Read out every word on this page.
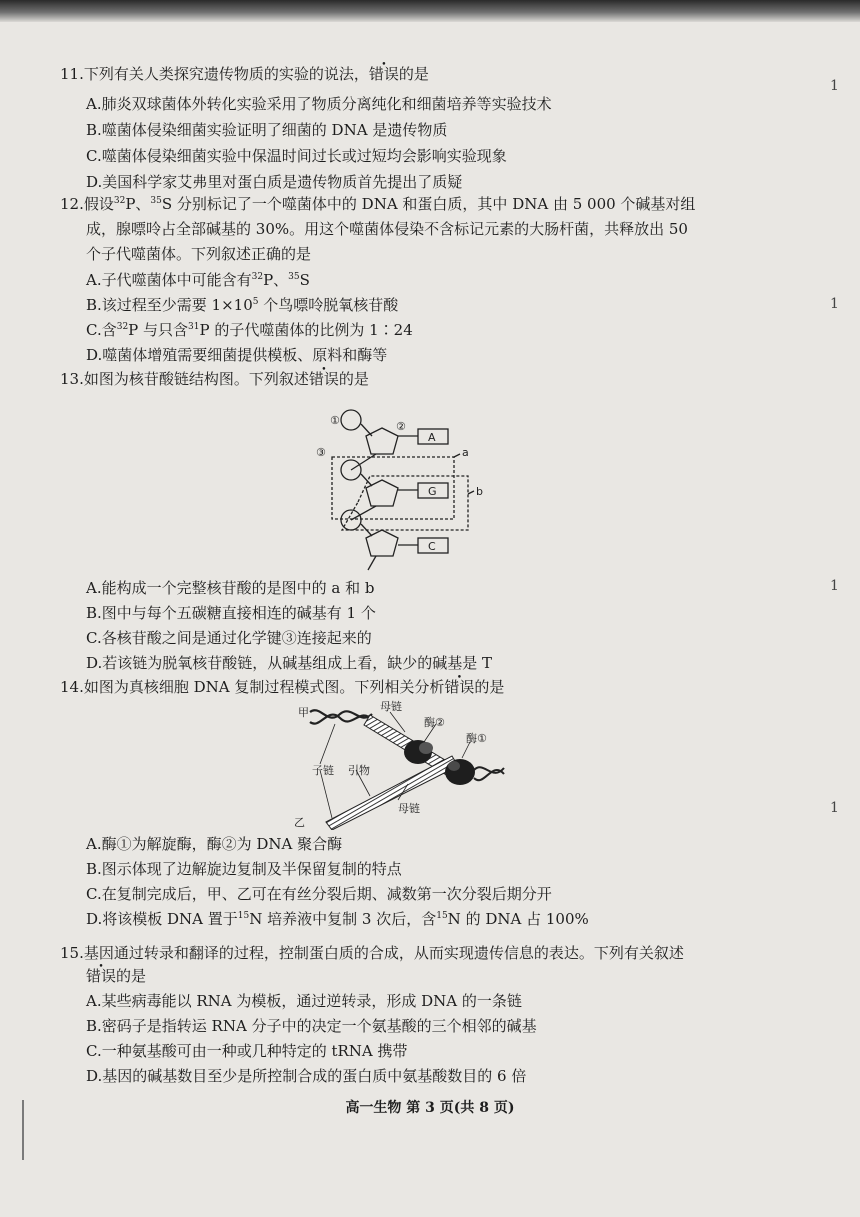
1
1
1
1
11.下列有关人类探究遗传物质的实验的说法，错误的是
A.肺炎双球菌体外转化实验采用了物质分离纯化和细菌培养等实验技术
B.噬菌体侵染细菌实验证明了细菌的 DNA 是遗传物质
C.噬菌体侵染细菌实验中保温时间过长或过短均会影响实验现象
D.美国科学家艾弗里对蛋白质是遗传物质首先提出了质疑
12.假设$^{32}$P、$^{35}$S 分别标记了一个噬菌体中的 DNA 和蛋白质，其中 DNA 由 5 000 个碱基对组
成，腺嘌呤占全部碱基的 30%。用这个噬菌体侵染不含标记元素的大肠杆菌，共释放出 50
个子代噬菌体。下列叙述正确的是
A.子代噬菌体中可能含有$^{32}$P、$^{35}$S
B.该过程至少需要 $1\times 10^5$ 个鸟嘌呤脱氧核苷酸
C.含$^{32}$P 与只含$^{31}$P 的子代噬菌体的比例为 1∶24
D.噬菌体增殖需要细菌提供模板、原料和酶等
13.如图为核苷酸链结构图。下列叙述错误的是
①	②
③	a
b
A
G
C
A.能构成一个完整核苷酸的是图中的 a 和 b
B.图中与每个五碳糖直接相连的碱基有 1 个
C.各核苷酸之间是通过化学键③连接起来的
D.若该链为脱氧核苷酸链，从碱基组成上看，缺少的碱基是 T
14.如图为真核细胞 DNA 复制过程模式图。下列相关分析错误的是
甲
乙
母链
母链
酶②
酶①
子链 引物
A.酶①为解旋酶，酶②为 DNA 聚合酶
B.图示体现了边解旋边复制及半保留复制的特点
C.在复制完成后，甲、乙可在有丝分裂后期、减数第一次分裂后期分开
D.将该模板 DNA 置于$^{15}$N 培养液中复制 3 次后，含$^{15}$N 的 DNA 占 100%
15.基因通过转录和翻译的过程，控制蛋白质的合成，从而实现遗传信息的表达。下列有关叙述
错误的是
A.某些病毒能以 RNA 为模板，通过逆转录，形成 DNA 的一条链
B.密码子是指转运 RNA 分子中的决定一个氨基酸的三个相邻的碱基
C.一种氨基酸可由一种或几种特定的 tRNA 携带
D.基因的碱基数目至少是所控制合成的蛋白质中氨基酸数目的 6 倍
高一生物 第 3 页(共 8 页)
